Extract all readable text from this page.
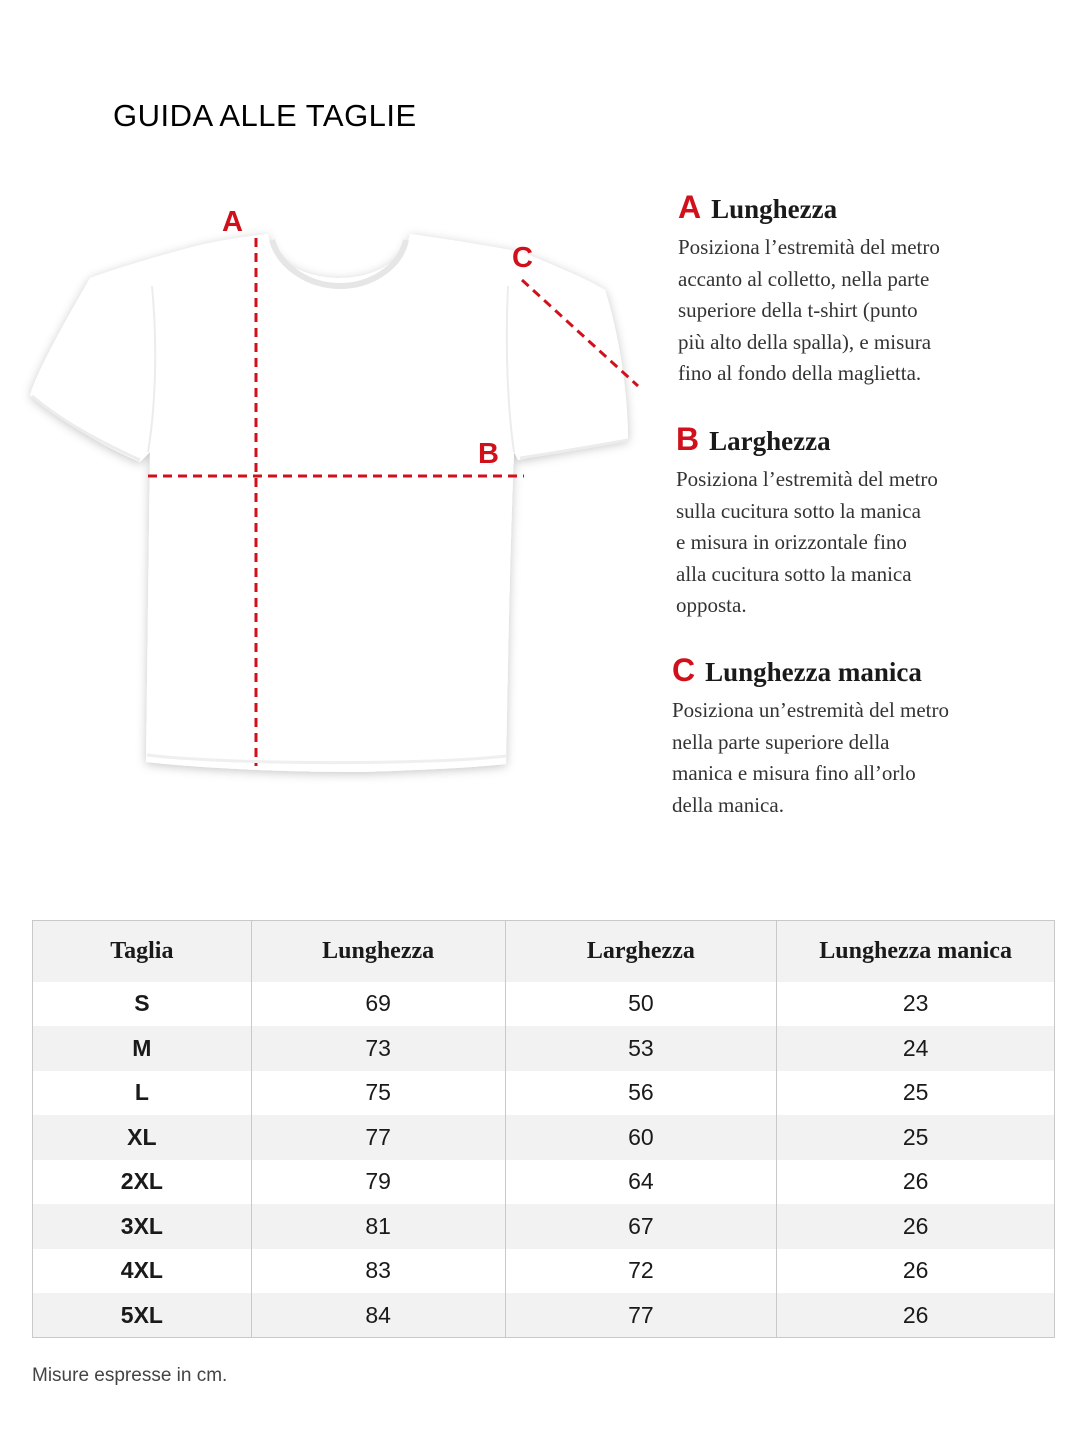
GUIDA ALLE TAGLIE
A
B
C
A Lunghezza
Posiziona l’estremità del metro
accanto al colletto, nella parte
superiore della t-shirt (punto
più alto della spalla), e misura
fino al fondo della maglietta.
B Larghezza
Posiziona l’estremità del metro
sulla cucitura sotto la manica
e misura in orizzontale fino
alla cucitura sotto la manica
opposta.
C Lunghezza manica
Posiziona un’estremità del metro
nella parte superiore della
manica e misura fino all’orlo
della manica.
Taglia	Lunghezza	Larghezza	Lunghezza manica
S	69	50	23
M	73	53	24
L	75	56	25
XL	77	60	25
2XL	79	64	26
3XL	81	67	26
4XL	83	72	26
5XL	84	77	26
Misure espresse in cm.
